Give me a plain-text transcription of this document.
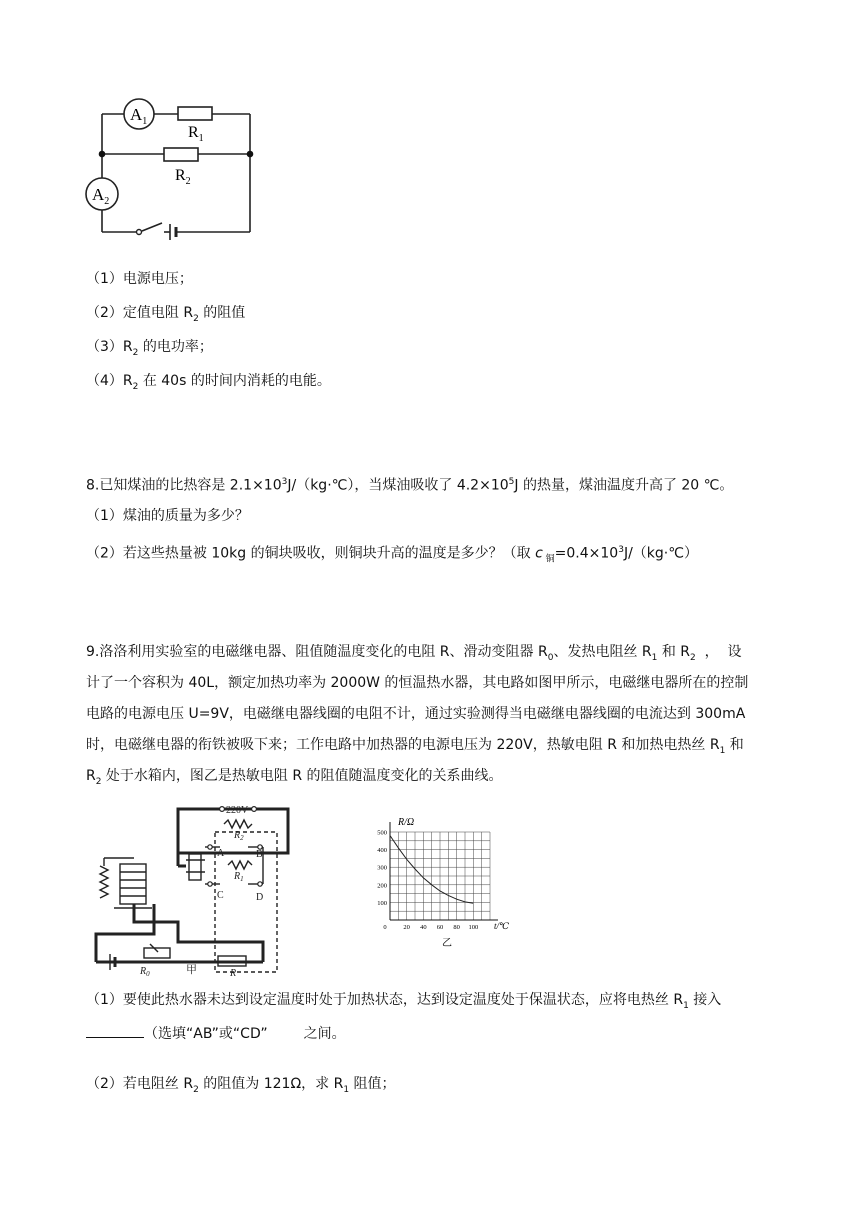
$A_1$
$A_2$
$R_1$
$R_2$
（1）电源电压；
（2）定值电阻 $R_2$ 的阻值
$(3)R_2$ 的电功率；
$(4)R_2$ 在 40s 的时间内消耗的电能。
8.已知煤油的比热容是 $2.1\times 10^3J/(kg\cdot℃)$，当煤油吸收了 $4.2\times 10^5J$ 的热量，煤油温度升高了 20 ℃。
（1）煤油的质量为多少？
（2）若这些热量被 10kg 的铜块吸收，则铜块升高的温度是多少？（取 c $_铜=0.4\times 10^3J/(kg\cdot℃)$
9.洛洛利用实验室的电磁继电器、阻值随温度变化的电阻 R、滑动变阻器 $R_0$、发热电阻丝 $R_1$ 和 $R_2$  ，  设
计了一个容积为 40L，额定加热功率为 2000W 的恒温热水器，其电路如图甲所示，电磁继电器所在的控制
电路的电源电压 U=9V，电磁继电器线圈的电阻不计，通过实验测得当电磁继电器线圈的电流达到 300mA
时，电磁继电器的衔铁被吸下来；工作电路中加热器的电源电压为 220V，热敏电阻 R 和加热电热丝 $R_1$ 和
$R_2$ 处于水箱内，图乙是热敏电阻 R 的阻值随温度变化的关系曲线。
220V
$R_2$
$R_1$
A	B
C	D
$R_0$	R
甲
500
400
300
200
100
0	20 40 60 80 100
R/Ω
t/℃
乙
（1）要使此热水器未达到设定温度时处于加热状态，达到设定温度处于保温状态，应将电热丝 $R_1$ 接入
（选填“AB”或“CD”	之间。
（2）若电阻丝 $R_2$ 的阻值为 121Ω，求 $R_1$ 阻值；
